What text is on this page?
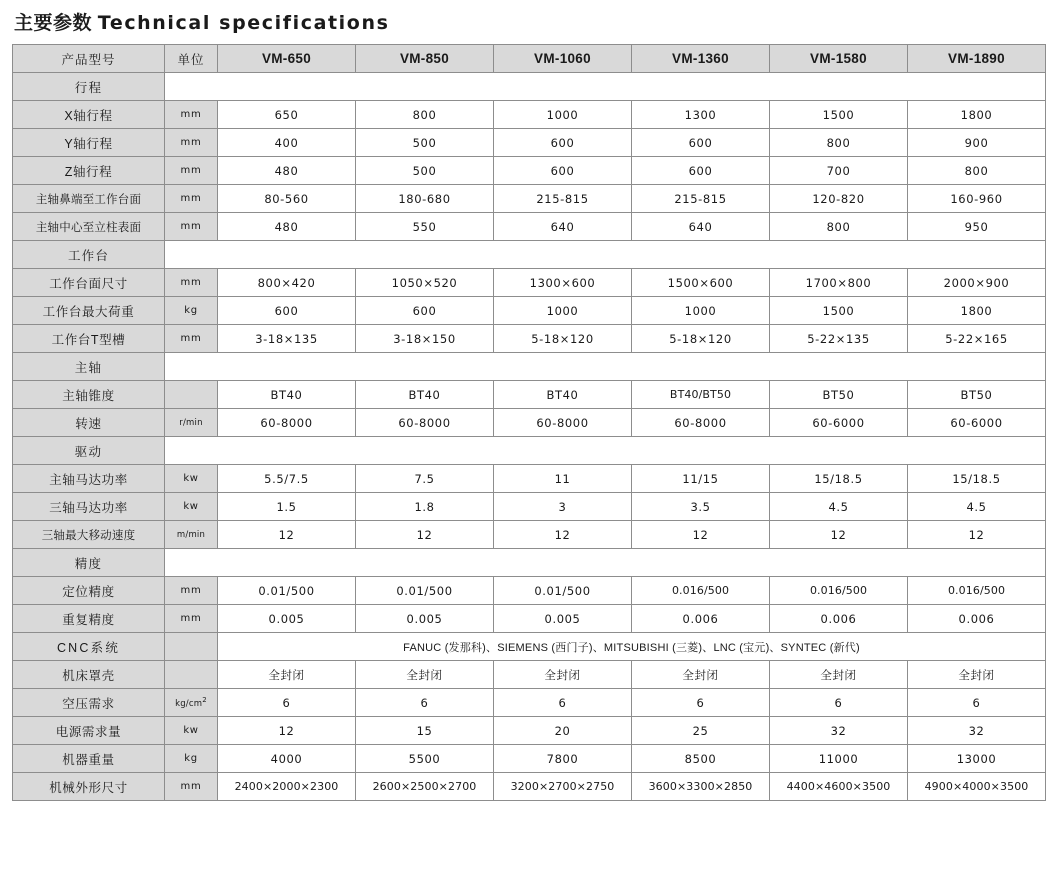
主要参数 Technical specifications
产品型号	单位	VM-650	VM-850	VM-1060	VM-1360	VM-1580	VM-1890
行程							
X轴行程	mm	650	800	1000	1300	1500	1800
Y轴行程	mm	400	500	600	600	800	900
Z轴行程	mm	480	500	600	600	700	800
主轴鼻端至工作台面	mm	80-560	180-680	215-815	215-815	120-820	160-960
主轴中心至立柱表面	mm	480	550	640	640	800	950
工作台							
工作台面尺寸	mm	800×420	1050×520	1300×600	1500×600	1700×800	2000×900
工作台最大荷重	kg	600	600	1000	1000	1500	1800
工作台T型槽	mm	3-18×135	3-18×150	5-18×120	5-18×120	5-22×135	5-22×165
主轴							
主轴锥度		BT40	BT40	BT40	BT40/BT50	BT50	BT50
转速	r/min	60-8000	60-8000	60-8000	60-8000	60-6000	60-6000
驱动							
主轴马达功率	kw	5.5/7.5	7.5	11	11/15	15/18.5	15/18.5
三轴马达功率	kw	1.5	1.8	3	3.5	4.5	4.5
三轴最大移动速度	m/min	12	12	12	12	12	12
精度							
定位精度	mm	0.01/500	0.01/500	0.01/500	0.016/500	0.016/500	0.016/500
重复精度	mm	0.005	0.005	0.005	0.006	0.006	0.006
CNC系统		FANUC (发那科)、SIEMENS (西门子)、MITSUBISHI (三菱)、LNC (宝元)、SYNTEC (新代)					
机床罩壳		全封闭	全封闭	全封闭	全封闭	全封闭	全封闭
空压需求	$kg/cm^2$	6	6	6	6	6	6
电源需求量	kw	12	15	20	25	32	32
机器重量	kg	4000	5500	7800	8500	11000	13000
机械外形尺寸	mm	2400×2000×2300	2600×2500×2700	3200×2700×2750	3600×3300×2850	4400×4600×3500	4900×4000×3500
